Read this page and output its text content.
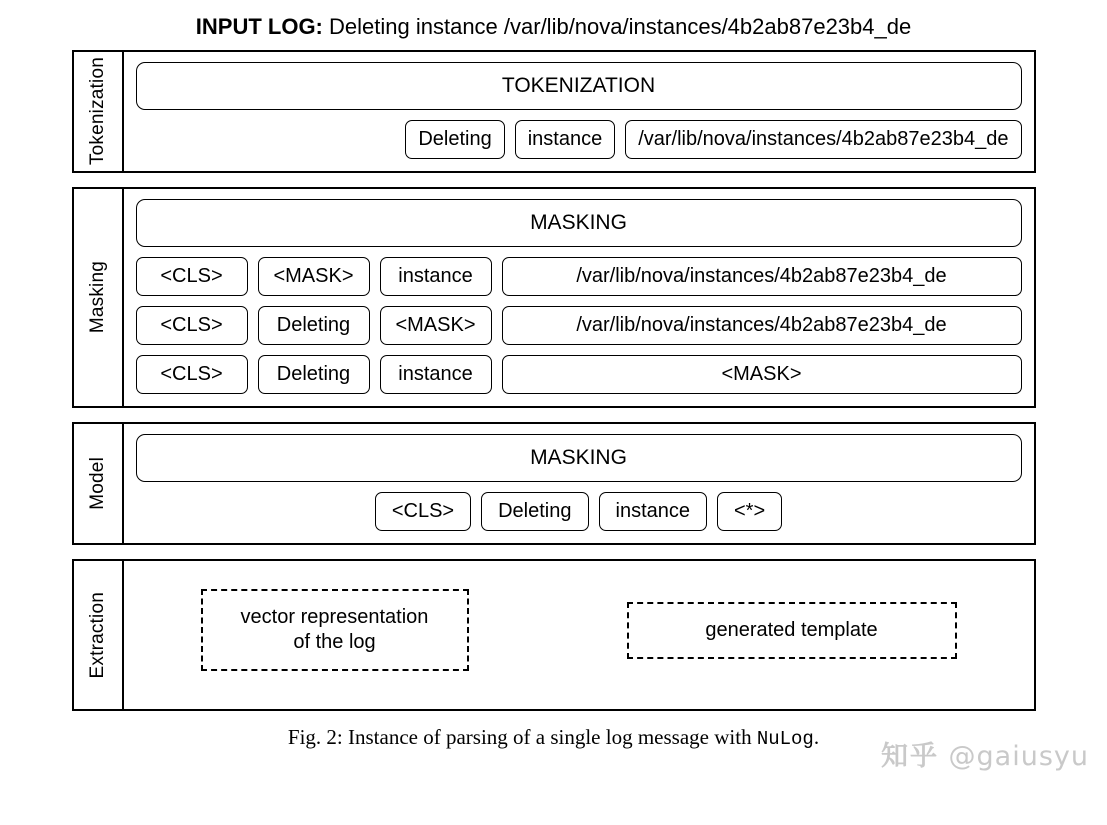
INPUT LOG: Deleting instance /var/lib/nova/instances/4b2ab87e23b4_de
Tokenization	TOKENIZATION
Deleting	instance	/var/lib/nova/instances/4b2ab87e23b4_de
Masking
MASKING
<CLS>	<MASK>	instance	/var/lib/nova/instances/4b2ab87e23b4_de
<CLS>	Deleting	<MASK>	/var/lib/nova/instances/4b2ab87e23b4_de
<CLS>	Deleting	instance	<MASK>
Model	MASKING
<CLS>	Deleting	instance	<*>
Extraction	vector representation
of the log
generated template
Fig. 2: Instance of parsing of a single log message with NuLog.
知乎 @gaiusyu
